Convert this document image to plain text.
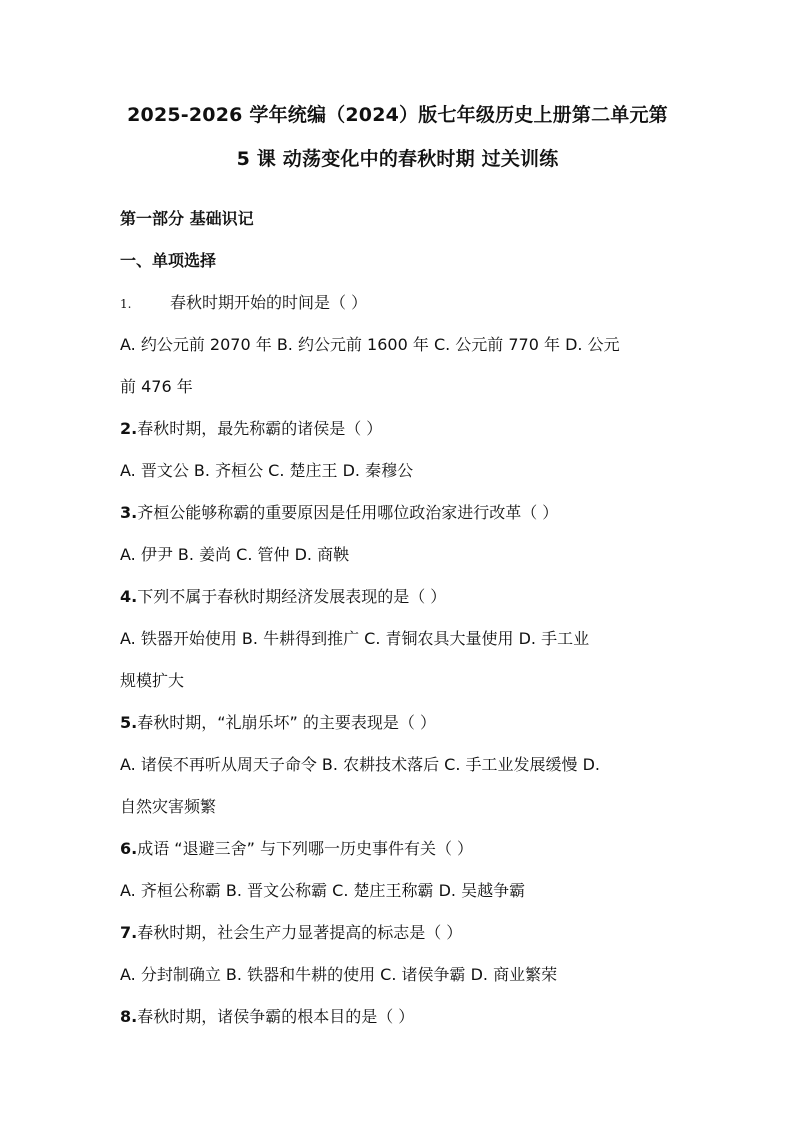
2025-2026 学年统编（2024）版七年级历史上册第二单元第
5 课 动荡变化中的春秋时期 过关训练
第一部分 基础识记
一、单项选择
1. 春秋时期开始的时间是（ ）
A. 约公元前 2070 年 B. 约公元前 1600 年 C. 公元前 770 年 D. 公元
前 476 年
2.春秋时期，最先称霸的诸侯是（ ）
A. 晋文公 B. 齐桓公 C. 楚庄王 D. 秦穆公
3.齐桓公能够称霸的重要原因是任用哪位政治家进行改革（ ）
A. 伊尹 B. 姜尚 C. 管仲 D. 商鞅
4.下列不属于春秋时期经济发展表现的是（ ）
A. 铁器开始使用 B. 牛耕得到推广 C. 青铜农具大量使用 D. 手工业
规模扩大
5.春秋时期，“礼崩乐坏” 的主要表现是（ ）
A. 诸侯不再听从周天子命令 B. 农耕技术落后 C. 手工业发展缓慢 D.
自然灾害频繁
6.成语 “退避三舍” 与下列哪一历史事件有关（ ）
A. 齐桓公称霸 B. 晋文公称霸 C. 楚庄王称霸 D. 吴越争霸
7.春秋时期，社会生产力显著提高的标志是（ ）
A. 分封制确立 B. 铁器和牛耕的使用 C. 诸侯争霸 D. 商业繁荣
8.春秋时期，诸侯争霸的根本目的是（ ）
